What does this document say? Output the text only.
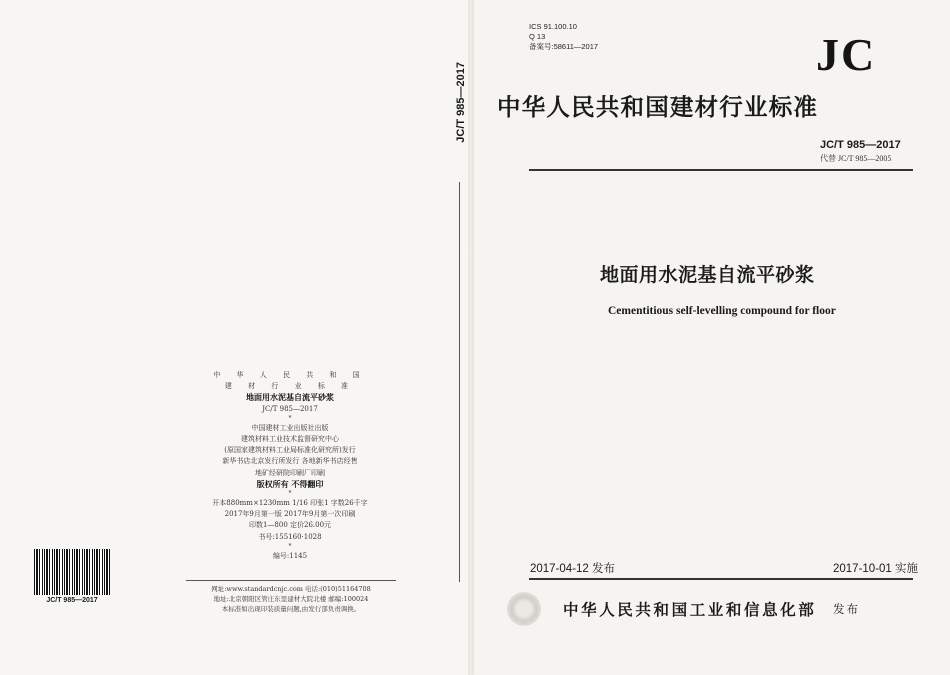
JC/T 985—2017
中 华 人 民 共 和 国
建 材 行 业 标 准
地面用水泥基自流平砂浆
JC/T 985—2017
*
中国建材工业出版社出版
建筑材料工业技术监督研究中心
(原国家建筑材料工业局标准化研究所)发行
新华书店北京发行所发行 各地新华书店经售
地矿经研院印刷厂印刷
版权所有 不得翻印
*
开本880mm×1230mm 1/16 印张1 字数26千字
2017年9月第一版 2017年9月第一次印刷
印数1—800 定价26.00元
书号:155160·1028
*
编号:1145
网址:www.standardcnjc.com 电话:(010)51164708
地址:北京朝阳区管庄东里建材大院北楼 邮编:100024
本标准如出现印装质量问题,由发行部负责调换。
JC/T 985—2017
ICS 91.100.10
Q 13
备案号:58611—2017	JC
中华人民共和国建材行业标准
JC/T 985—2017
代替 JC/T 985—2005
地面用水泥基自流平砂浆
Cementitious self-levelling compound for floor
2017-04-12 发布	2017-10-01 实施
中华人民共和国工业和信息化部 发布
